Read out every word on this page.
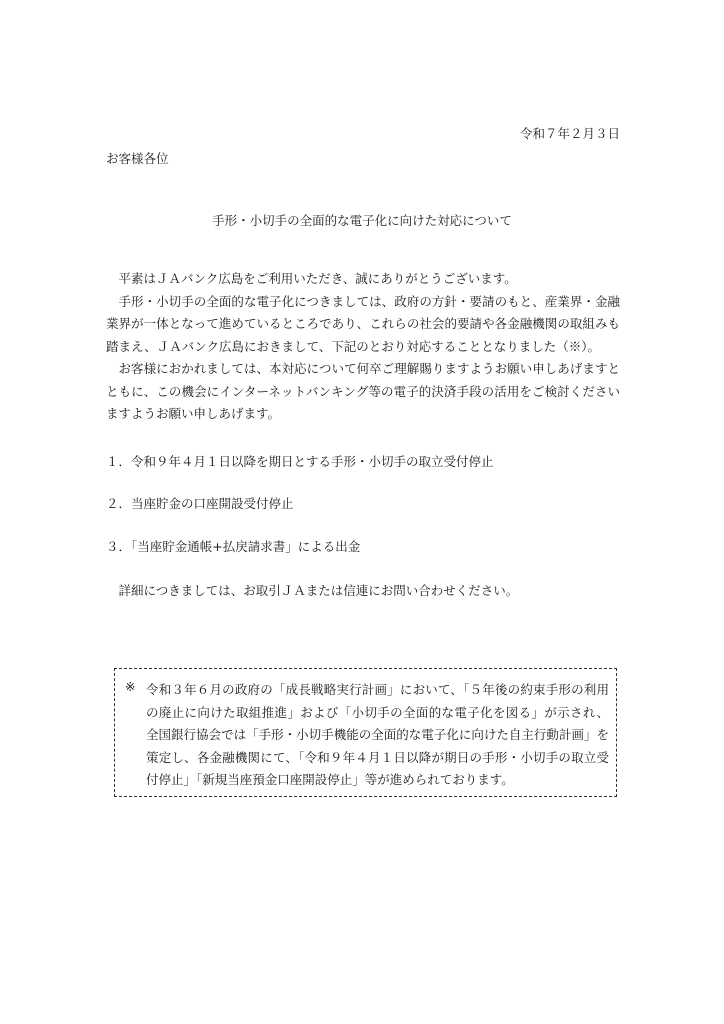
令和７年２月３日
お客様各位
手形・小切手の全面的な電子化に向けた対応について

平素はＪＡバンク広島をご利用いただき、誠にありがとうございます。

手形・小切手の全面的な電子化につきましては、政府の方針・要請のもと、産業界・金融業界が一体となって進めているところであり、これらの社会的要請や各金融機関の取組みも踏まえ、ＪＡバンク広島におきまして、下記のとおり対応することとなりました（※）。

お客様におかれましては、本対応について何卒ご理解賜りますようお願い申しあげますとともに、この機会にインターネットバンキング等の電子的決済手段の活用をご検討くださいますようお願い申しあげます。

１．令和９年４月１日以降を期日とする手形・小切手の取立受付停止
２．当座貯金の口座開設受付停止
３．「当座貯金通帳+払戻請求書」による出金
詳細につきましては、お取引ＪＡまたは信連にお問い合わせください。
※ 令和３年６月の政府の「成長戦略実行計画」において、「５年後の約束手形の利用の廃止に向けた取組推進」および「小切手の全面的な電子化を図る」が示され、全国銀行協会では「手形・小切手機能の全面的な電子化に向けた自主行動計画」を策定し、各金融機関にて、「令和９年４月１日以降が期日の手形・小切手の取立受付停止」「新規当座預金口座開設停止」等が進められております。
